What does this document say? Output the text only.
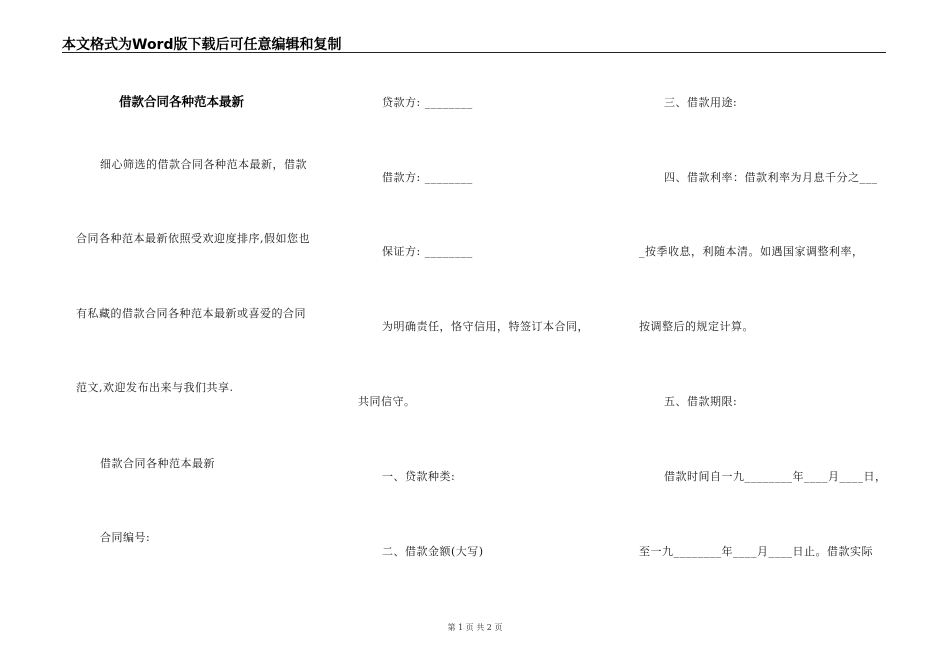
本文格式为Word版下载后可任意编辑和复制
借款合同各种范本最新
细心筛选的借款合同各种范本最新，借款
合同各种范本最新依照受欢迎度排序,假如您也
有私藏的借款合同各种范本最新或喜爱的合同
范文,欢迎发布出来与我们共享.
借款合同各种范本最新
合同编号:
贷款方: ________
借款方: ________
保证方: ________
为明确责任，恪守信用，特签订本合同，
共同信守。
一、贷款种类:
二、借款金额(大写)
三、借款用途:
四、借款利率：借款利率为月息千分之___
_按季收息，利随本清。如遇国家调整利率，
按调整后的规定计算。
五、借款期限:
借款时间自一九________年____月____日，
至一九________年____月____日止。借款实际
第 1 页 共 2 页
